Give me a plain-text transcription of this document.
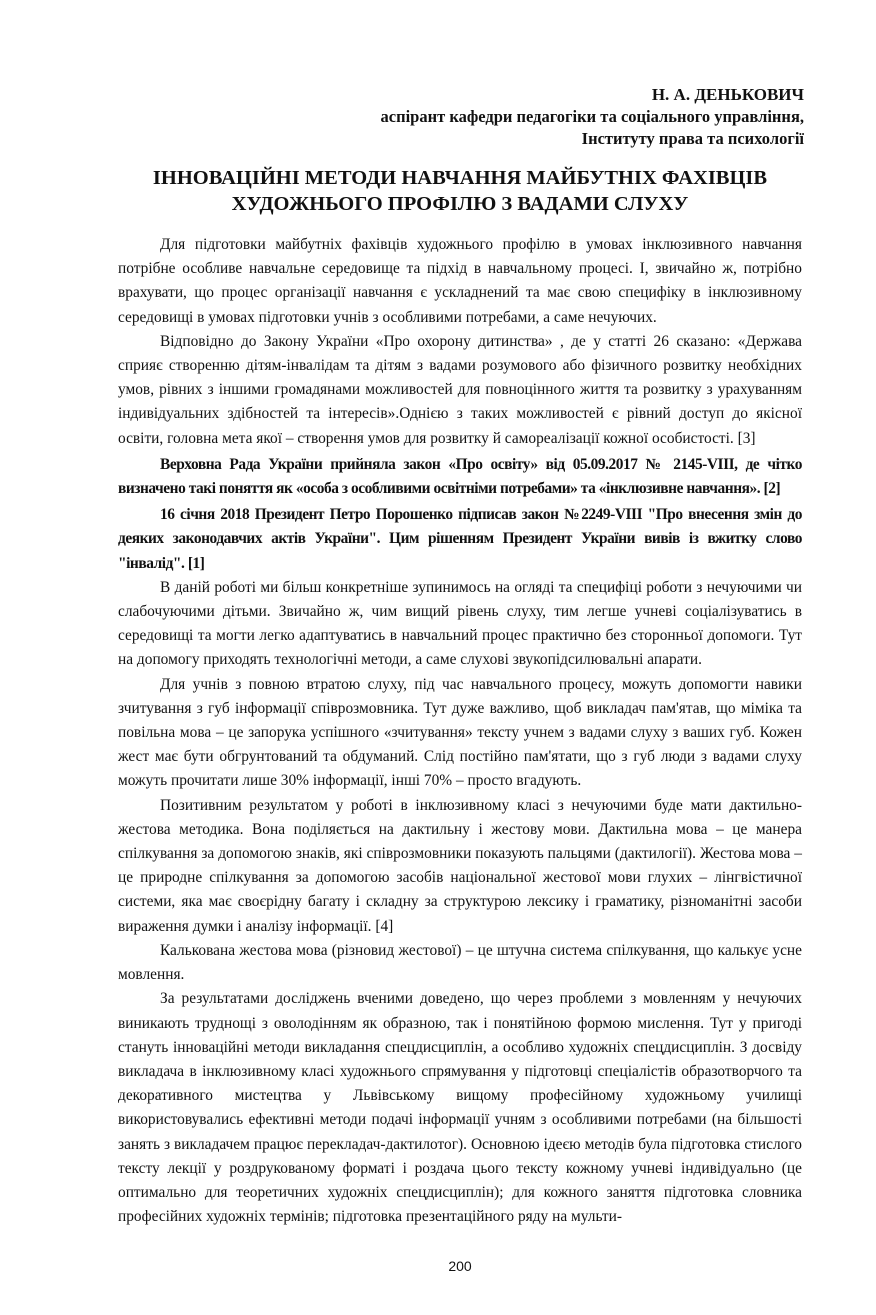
Н. А. ДЕНЬКОВИЧ
аспірант кафедри педагогіки та соціального управління,
Інституту права та психології
ІННОВАЦІЙНІ МЕТОДИ НАВЧАННЯ МАЙБУТНІХ ФАХІВЦІВ
ХУДОЖНЬОГО ПРОФІЛЮ З ВАДАМИ СЛУХУ

Для підготовки майбутніх фахівців художнього профілю в умовах інклюзивного навчання потрібне особливе навчальне середовище та підхід в навчальному процесі. І, звичайно ж, потрібно врахувати, що процес організації навчання є ускладнений та має свою специфіку в інклюзивному середовищі в умовах підготовки учнів з особливими потребами, а саме нечуючих.

Відповідно до Закону України «Про охорону дитинства» , де у статті 26 сказано: «Держава сприяє створенню дітям-інвалідам та дітям з вадами розумового або фізичного розвитку необхідних умов, рівних з іншими громадянами можливостей для повноцінного життя та розвитку з урахуванням індивідуальних здібностей та інтересів».Однією з таких можливостей є рівний доступ до якісної освіти, головна мета якої – створення умов для розвитку й самореалізації кожної особистості. [3]

Верховна Рада України прийняла закон «Про освіту» від 05.09.2017 № 2145-VIII, де чітко визначено такі поняття як «особа з особливими освітніми потребами» та «інклюзивне навчання». [2]

16 січня 2018 Президент Петро Порошенко підписав закон №2249-VIII "Про внесення змін до деяких законодавчих актів України". Цим рішенням Президент України вивів із вжитку слово "інвалід". [1]

В даній роботі ми більш конкретніше зупинимось на огляді та специфіці роботи з нечуючими чи слабочуючими дітьми. Звичайно ж, чим вищий рівень слуху, тим легше учневі соціалізуватись в середовищі та могти легко адаптуватись в навчальний процес практично без сторонньої допомоги. Тут на допомогу приходять технологічні методи, а саме слухові звукопідсилювальні апарати.

Для учнів з повною втратою слуху, під час навчального процесу, можуть допомогти навики зчитування з губ інформації співрозмовника. Тут дуже важливо, щоб викладач пам'ятав, що міміка та повільна мова – це запорука успішного «зчитування» тексту учнем з вадами слуху з ваших губ. Кожен жест має бути обгрунтований та обдуманий. Слід постійно пам'ятати, що з губ люди з вадами слуху можуть прочитати лише 30% інформації, інші 70% – просто вгадують.

Позитивним результатом у роботі в інклюзивному класі з нечуючими буде мати дактильно-жестова методика. Вона поділяється на дактильну і жестову мови. Дактильна мова – це манера спілкування за допомогою знаків, які співрозмовники показують пальцями (дактилогії). Жестова мова – це природне спілкування за допомогою засобів національної жестової мови глухих – лінгвістичної системи, яка має своєрідну багату і складну за структурою лексику і граматику, різноманітні засоби вираження думки і аналізу інформації. [4]

Калькована жестова мова (різновид жестової) – це штучна система спілкування, що калькує усне мовлення.

За результатами досліджень вченими доведено, що через проблеми з мовленням у нечуючих виникають труднощі з оволодінням як образною, так і понятійною формою мислення. Тут у пригоді стануть інноваційні методи викладання спецдисциплін, а особливо художніх спецдисциплін. З досвіду викладача в інклюзивному класі художнього спрямування у підготовці спеціалістів образотворчого та декоративного мистецтва у Львівському вищому професійному художньому училищі використовувались ефективні методи подачі інформації учням з особливими потребами (на більшості занять з викладачем працює перекладач-дактилотог). Основною ідеєю методів була підготовка стислого тексту лекції у роздрукованому форматі і роздача цього тексту кожному учневі індивідуально (це оптимально для теоретичних художніх спецдисциплін); для кожного заняття підготовка словника професійних художніх термінів; підготовка презентаційного ряду на мульти-

200
